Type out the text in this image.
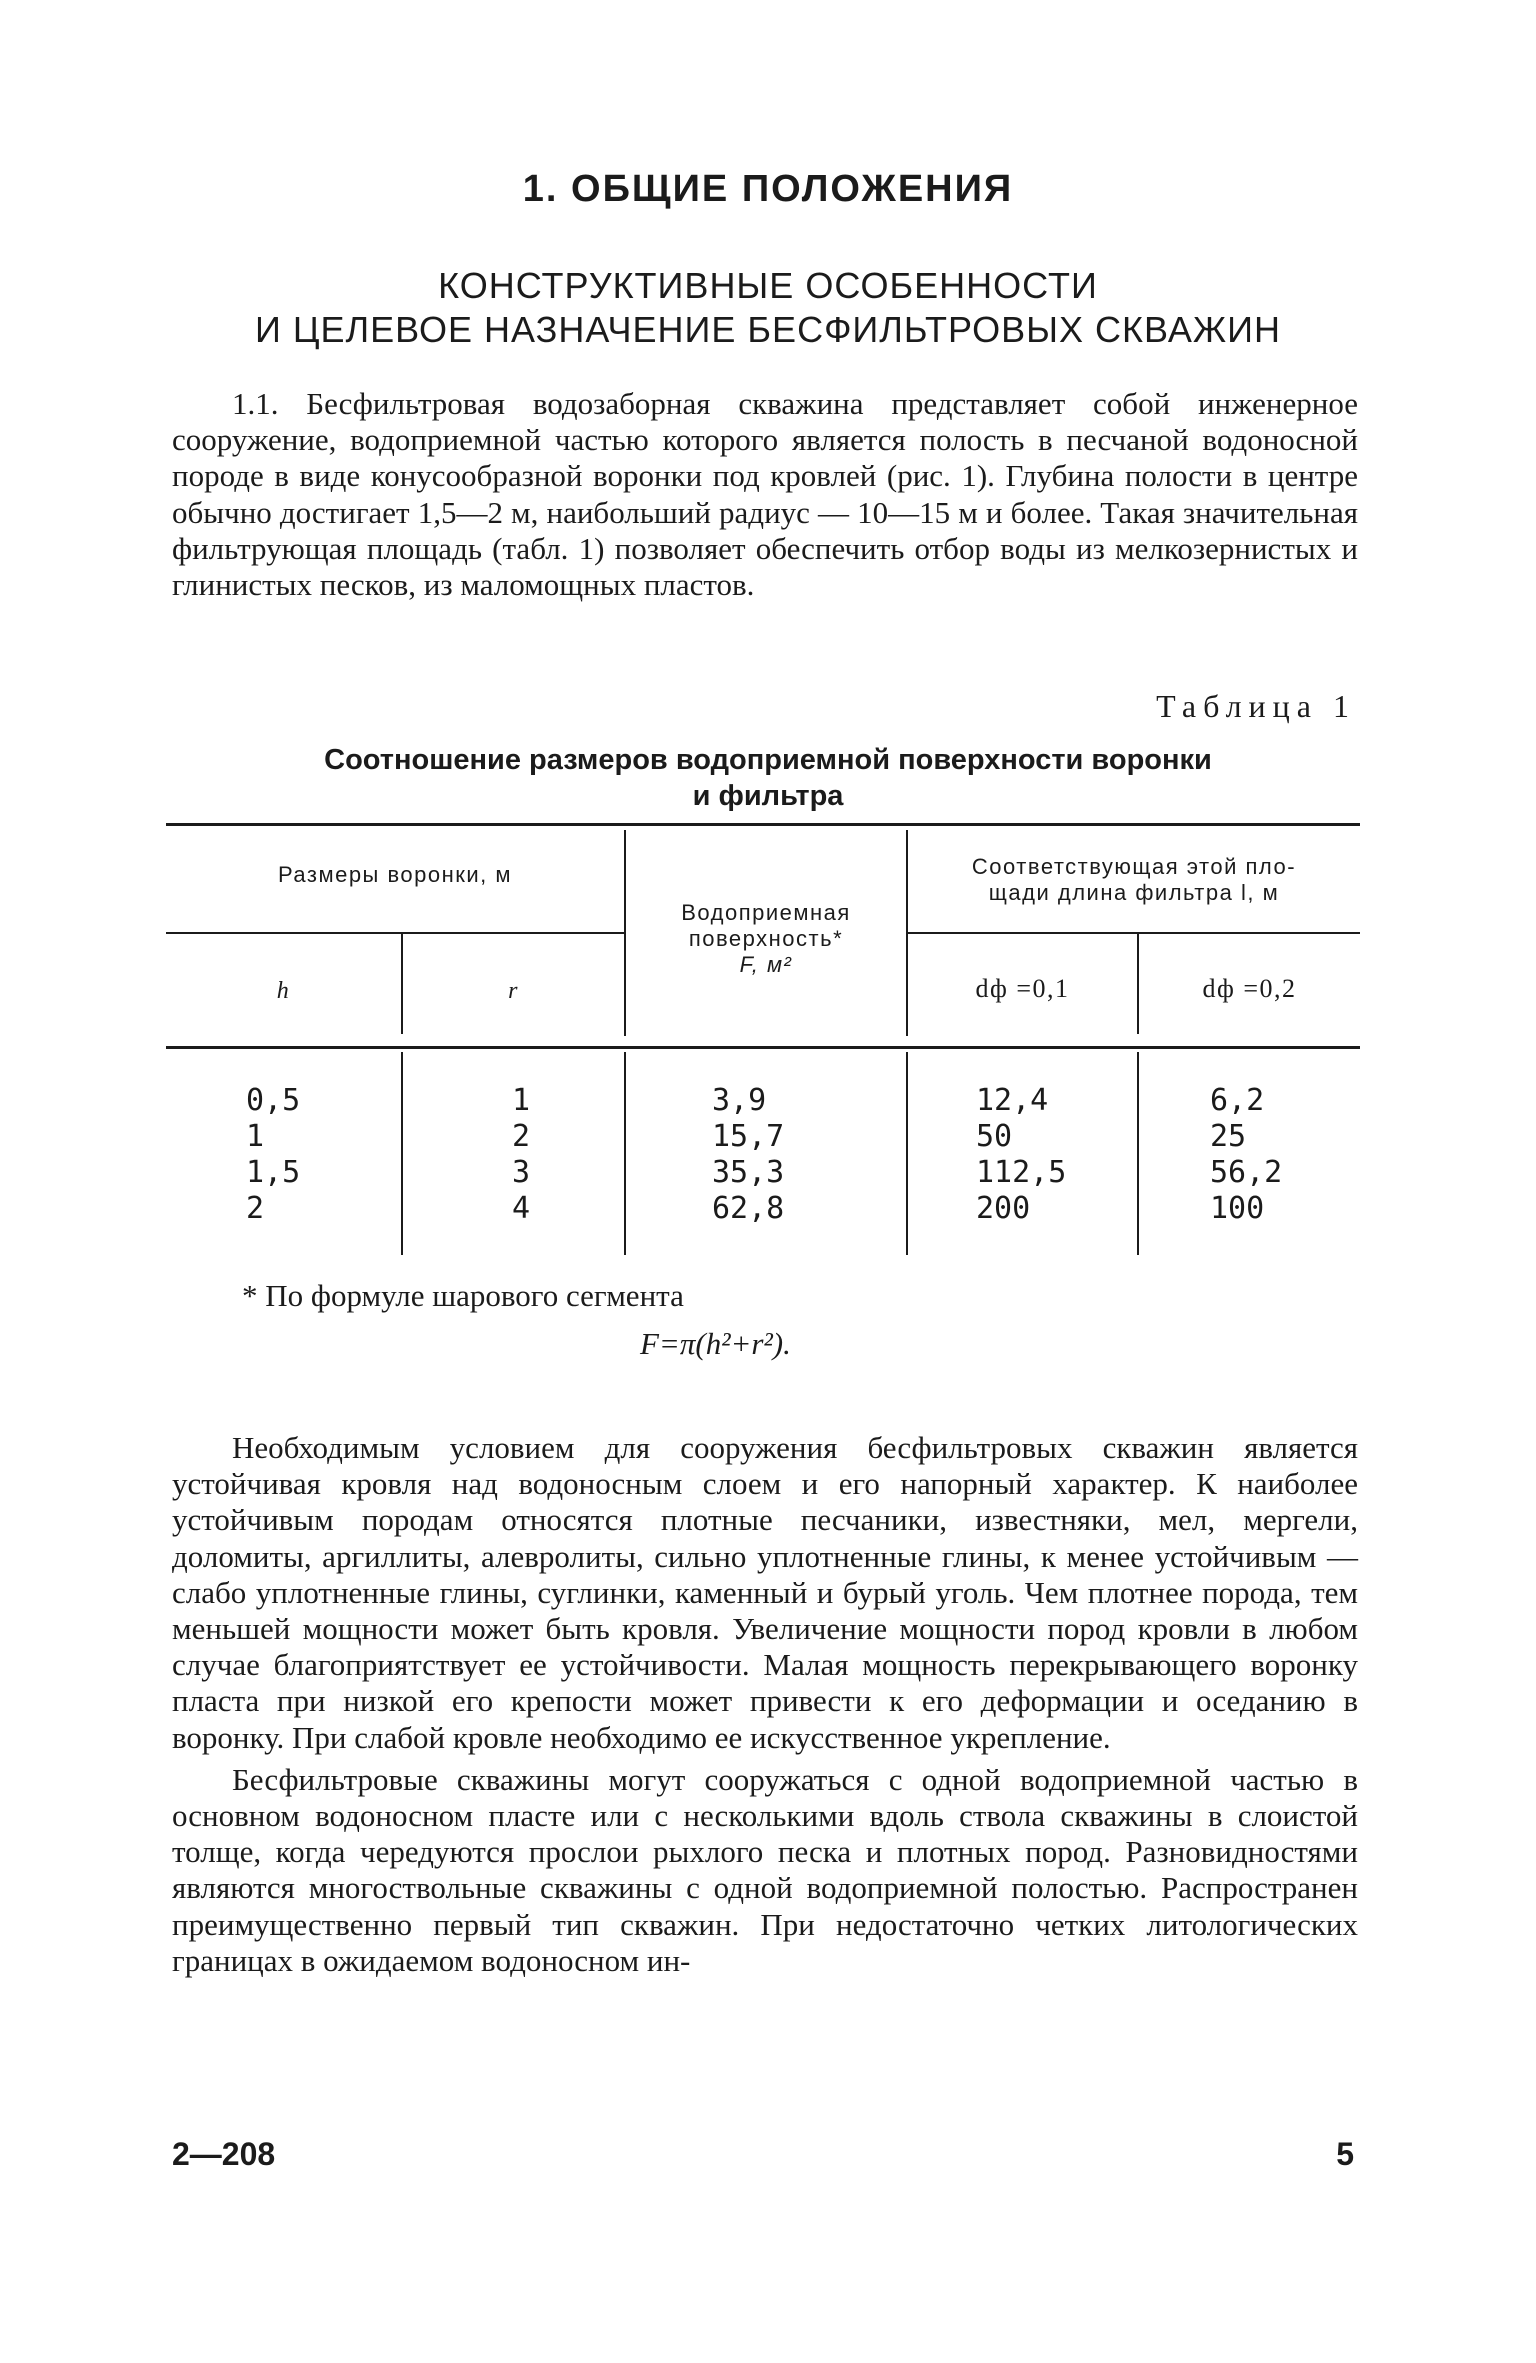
1. ОБЩИЕ ПОЛОЖЕНИЯ
КОНСТРУКТИВНЫЕ ОСОБЕННОСТИ
И ЦЕЛЕВОЕ НАЗНАЧЕНИЕ БЕСФИЛЬТРОВЫХ СКВАЖИН

1.1. Бесфильтровая водозаборная скважина представляет собой инженерное сооружение, водоприемной частью которого является полость в песчаной водоносной породе в виде конусообразной воронки под кровлей (рис. 1). Глубина полости в центре обычно достигает 1,5—2 м, наибольший радиус — 10—15 м и более. Такая значительная фильтрующая площадь (табл. 1) позволяет обеспечить отбор воды из мелкозернистых и глинистых песков, из маломощных пластов.

Таблица 1
Соотношение размеров водоприемной поверхности воронки
и фильтра
Размеры воронки, м
h	r
Водоприемная
поверхность*
F, м²
Соответствующая этой пло-
щади длина фильтра l, м
dф =0,1	dф =0,2
0,5	1	3,9	12,4	6,2
1	2	15,7	50	25
1,5	3	35,3	112,5	56,2
2	4	62,8	200	100
* По формуле шарового сегмента
F=π(h²+r²).

Необходимым условием для сооружения бесфильтровых скважин является устойчивая кровля над водоносным слоем и его напорный характер. К наиболее устойчивым породам относятся плотные песчаники, известняки, мел, мергели, доломиты, аргиллиты, алевролиты, сильно уплотненные глины, к менее устойчивым — слабо уплотненные глины, суглинки, каменный и бурый уголь. Чем плотнее порода, тем меньшей мощности может быть кровля. Увеличение мощности пород кровли в любом случае благоприятствует ее устойчивости. Малая мощность перекрывающего воронку пласта при низкой его крепости может привести к его деформации и оседанию в воронку. При слабой кровле необходимо ее искусственное укрепление.

Бесфильтровые скважины могут сооружаться с одной водоприемной частью в основном водоносном пласте или с несколькими вдоль ствола скважины в слоистой толще, когда чередуются прослои рыхлого песка и плотных пород. Разновидностями являются многоствольные скважины с одной водоприемной полостью. Распространен преимущественно первый тип скважин. При недостаточно четких литологических границах в ожидаемом водоносном ин-

2—208	5
